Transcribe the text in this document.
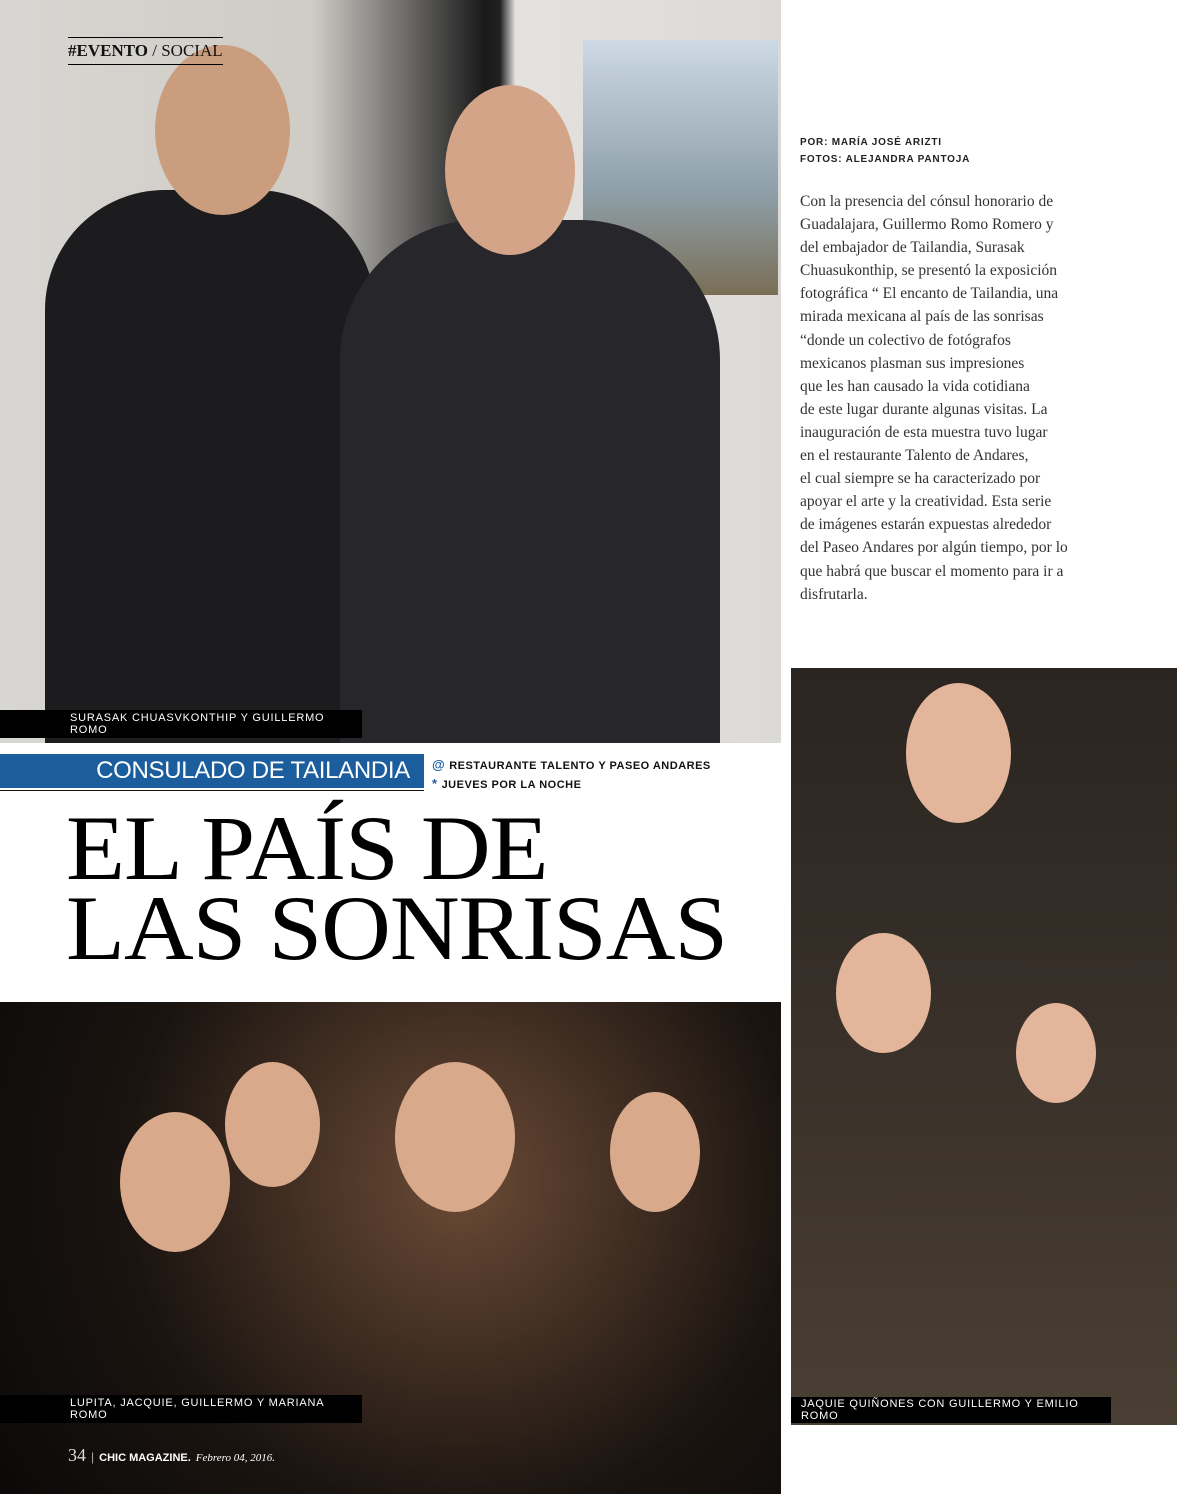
SURASAK CHUASVKONTHIP Y GUILLERMO ROMO
#EVENTO / SOCIAL
POR: MARÍA JOSÉ ARIZTI
FOTOS: ALEJANDRA PANTOJA
Con la presencia del cónsul honorario de
Guadalajara, Guillermo Romo Romero y
del embajador de Tailandia, Surasak
Chuasukonthip, se presentó la exposición
fotográfica “ El encanto de Tailandia, una
mirada mexicana al país de las sonrisas
“donde un colectivo de fotógrafos
mexicanos plasman sus impresiones
que les han causado la vida cotidiana
de este lugar durante algunas visitas. La
inauguración de esta muestra tuvo lugar
en el restaurante Talento de Andares,
el cual siempre se ha caracterizado por
apoyar el arte y la creatividad. Esta serie
de imágenes estarán expuestas alrededor
del Paseo Andares por algún tiempo, por lo
que habrá que buscar el momento para ir a
disfrutarla.
JAQUIE QUIÑONES CON GUILLERMO Y EMILIO ROMO
CONSULADO DE TAILANDIA	@ RESTAURANTE TALENTO Y PASEO ANDARES
* JUEVES POR LA NOCHE
EL PAÍS DE
LAS SONRISAS
LUPITA, JACQUIE, GUILLERMO Y MARIANA ROMO
34 | CHIC MAGAZINE. Febrero 04, 2016.
